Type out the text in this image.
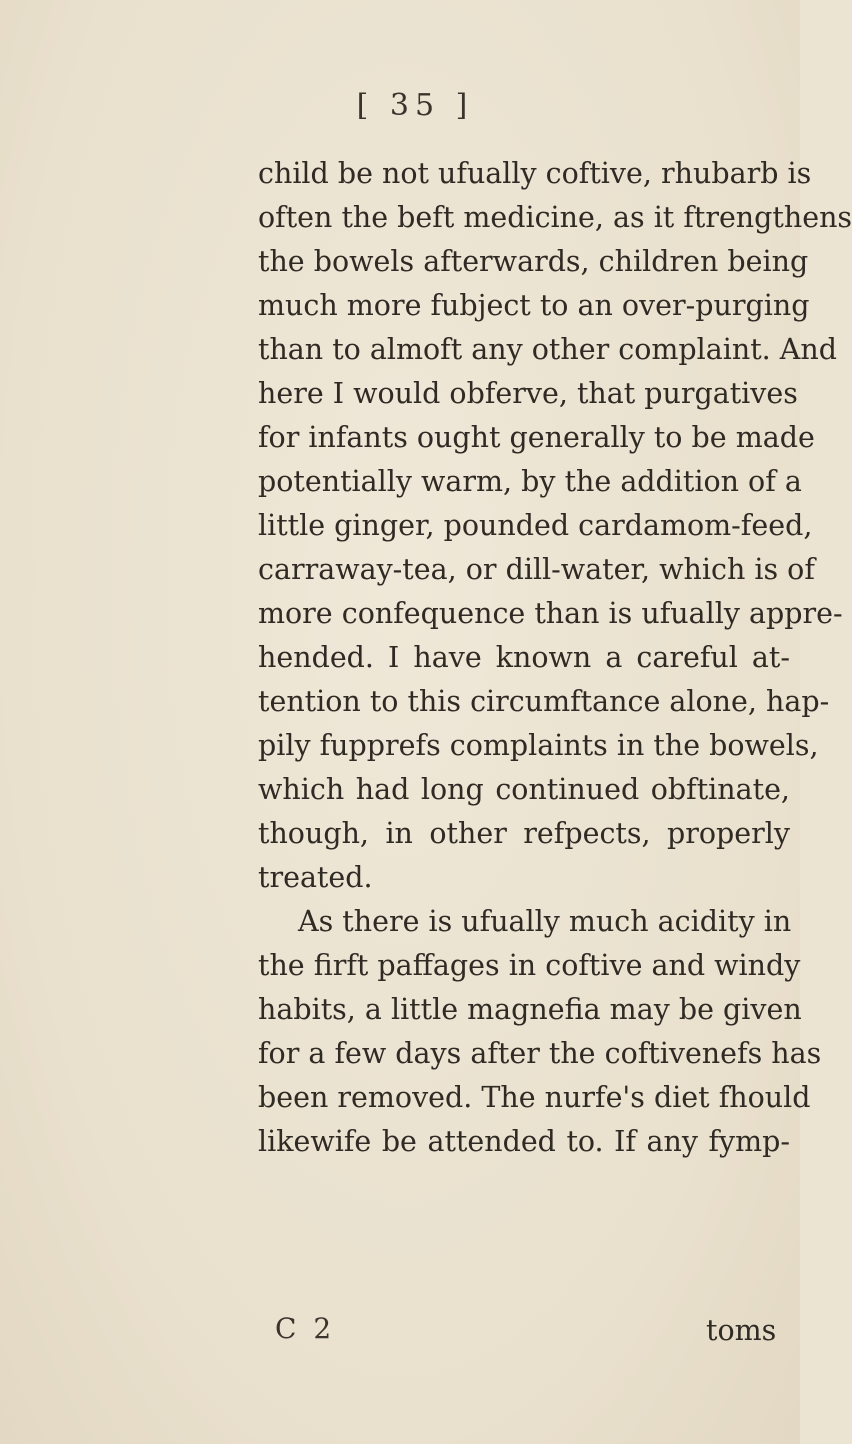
[ 35 ]
child be not ufually coftive, rhubarb is
often the beft medicine, as it ftrengthens
the bowels afterwards, children being
much more fubject to an over-purging
than to almoft any other complaint. And
here I would obferve, that purgatives
for infants ought generally to be made
potentially warm, by the addition of a
little ginger, pounded cardamom-feed,
carraway-tea, or dill-water, which is of
more confequence than is ufually appre-
hended. I have known a careful at-
tention to this circumftance alone, hap-
pily fupprefs complaints in the bowels,
which had long continued obftinate,
though, in other refpects, properly
treated.
As there is ufually much acidity in
the firft paffages in coftive and windy
habits, a little magnefia may be given
for a few days after the coftivenefs has
been removed. The nurfe's diet fhould
likewife be attended to. If any fymp-
C 2	toms
